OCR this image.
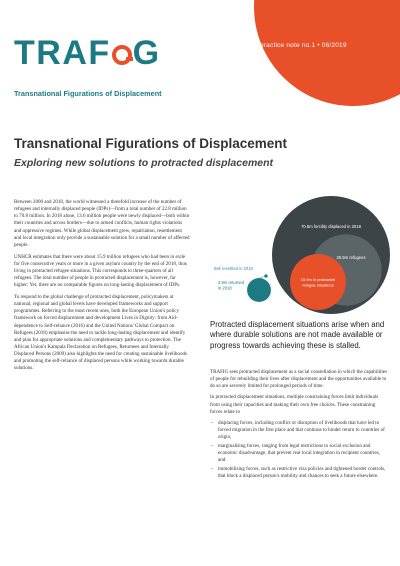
practice note no.1 • 06/2019
TRAF G
Transnational Figurations of Displacement
Transnational Figurations of Displacement
Exploring new solutions to protracted displacement

Between 2000 and 2018, the world witnessed a threefold increase of the number of refugees and internally displaced people (IDPs)—from a total number of 22.8 million to 70.8 million. In 2018 alone, 13.6 million people were newly displaced—both within their countries and across borders—due to armed conflicts, human rights violations and oppressive regimes. While global displacement grew, repatriation, resettlement and local integration only provide a sustainable solution for a small number of affected people.

UNHCR estimates that there were about 15.9 million refugees who had been in exile for five consecutive years or more in a given asylum country by the end of 2018, thus living in protracted refugee situations. This corresponds to three-quarters of all refugees. The total number of people in protracted displacement is, however, far higher: Yet, there are no comparable figures on long-lasting displacement of IDPs.

To respond to the global challenge of protracted displacement, policymakers at national, regional and global levels have developed frameworks and support programmes. Referring to the most recent ones, both the European Union's policy framework on forced displacement and development Lives in Dignity: from Aid-dependence to Self-reliance (2016) and the United Nations' Global Compact on Refugees (2018) emphasise the need to tackle long-lasting displacement and identify and plan for appropriate solutions and complementary pathways to protection. The African Union's Kampala Declaration on Refugees, Returnees and Internally Displaced Persons (2009) also highlights the need for creating sustainable livelihoods and promoting the self-reliance of displaced persons while working towards durable solutions.

70.8m forcibly displaced in 2018
25.9m refugees
15.9m in protracted
refugee situations
2.9m returned
in 2018
56k resettled in 2018
Protracted displacement situations arise when and where durable solutions are not made available or progress towards achieving these is stalled.

TRAFIG sees protracted displacement as a social constellation in which the capabilities of people for rebuilding their lives after displacement and the opportunities available to do so are severely limited for prolonged periods of time.

In protracted displacement situations, multiple constraining forces limit individuals from using their capacities and making their own free choices. These constraining forces relate to

– displacing forces, including conflict or disruption of livelihoods that have led to forced migration in the first place and that continue to hinder return to countries of origin,
– marginalising forces, ranging from legal restrictions to social exclusion and economic disadvantage, that prevent real local integration in recipient countries, and
– immobilising forces, such as restrictive visa policies and tightened border controls, that block a displaced person's mobility and chances to seek a future elsewhere.
